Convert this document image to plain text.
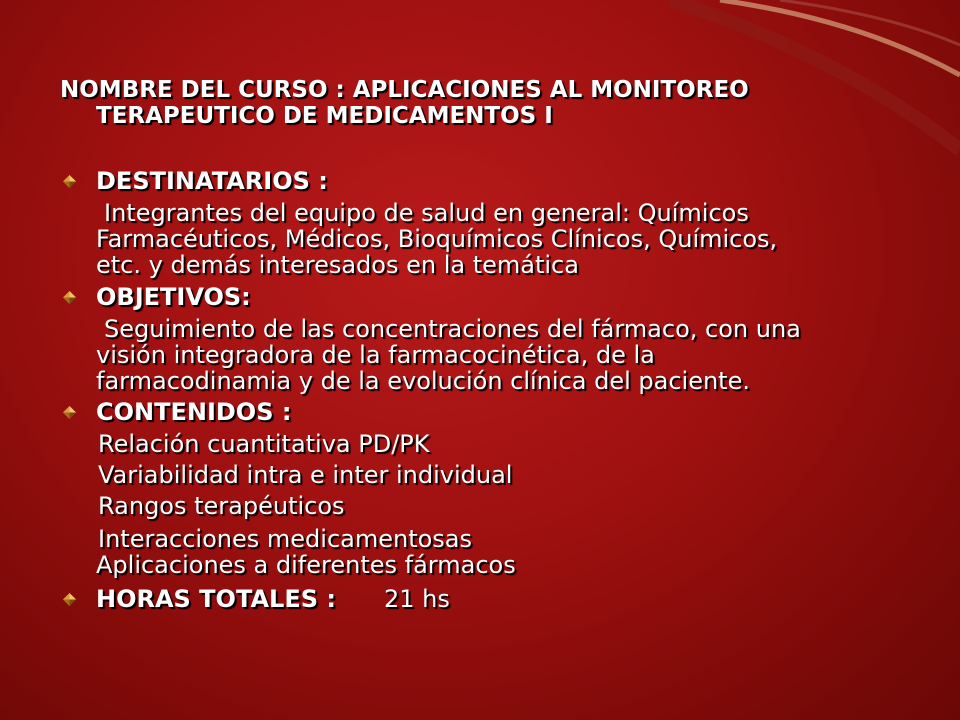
NOMBRE DEL CURSO : APLICACIONES AL MONITOREO
TERAPEUTICO DE MEDICAMENTOS I
DESTINATARIOS :
Integrantes del equipo de salud en general: Químicos
Farmacéuticos, Médicos, Bioquímicos Clínicos, Químicos,
etc. y demás interesados en la temática
OBJETIVOS:
Seguimiento de las concentraciones del fármaco, con una
visión integradora de la farmacocinética, de la
farmacodinamia y de la evolución clínica del paciente.
CONTENIDOS :
Relación cuantitativa PD/PK
Variabilidad intra e inter individual
Rangos terapéuticos
Interacciones medicamentosas
Aplicaciones a diferentes fármacos
HORAS TOTALES : 21 hs
